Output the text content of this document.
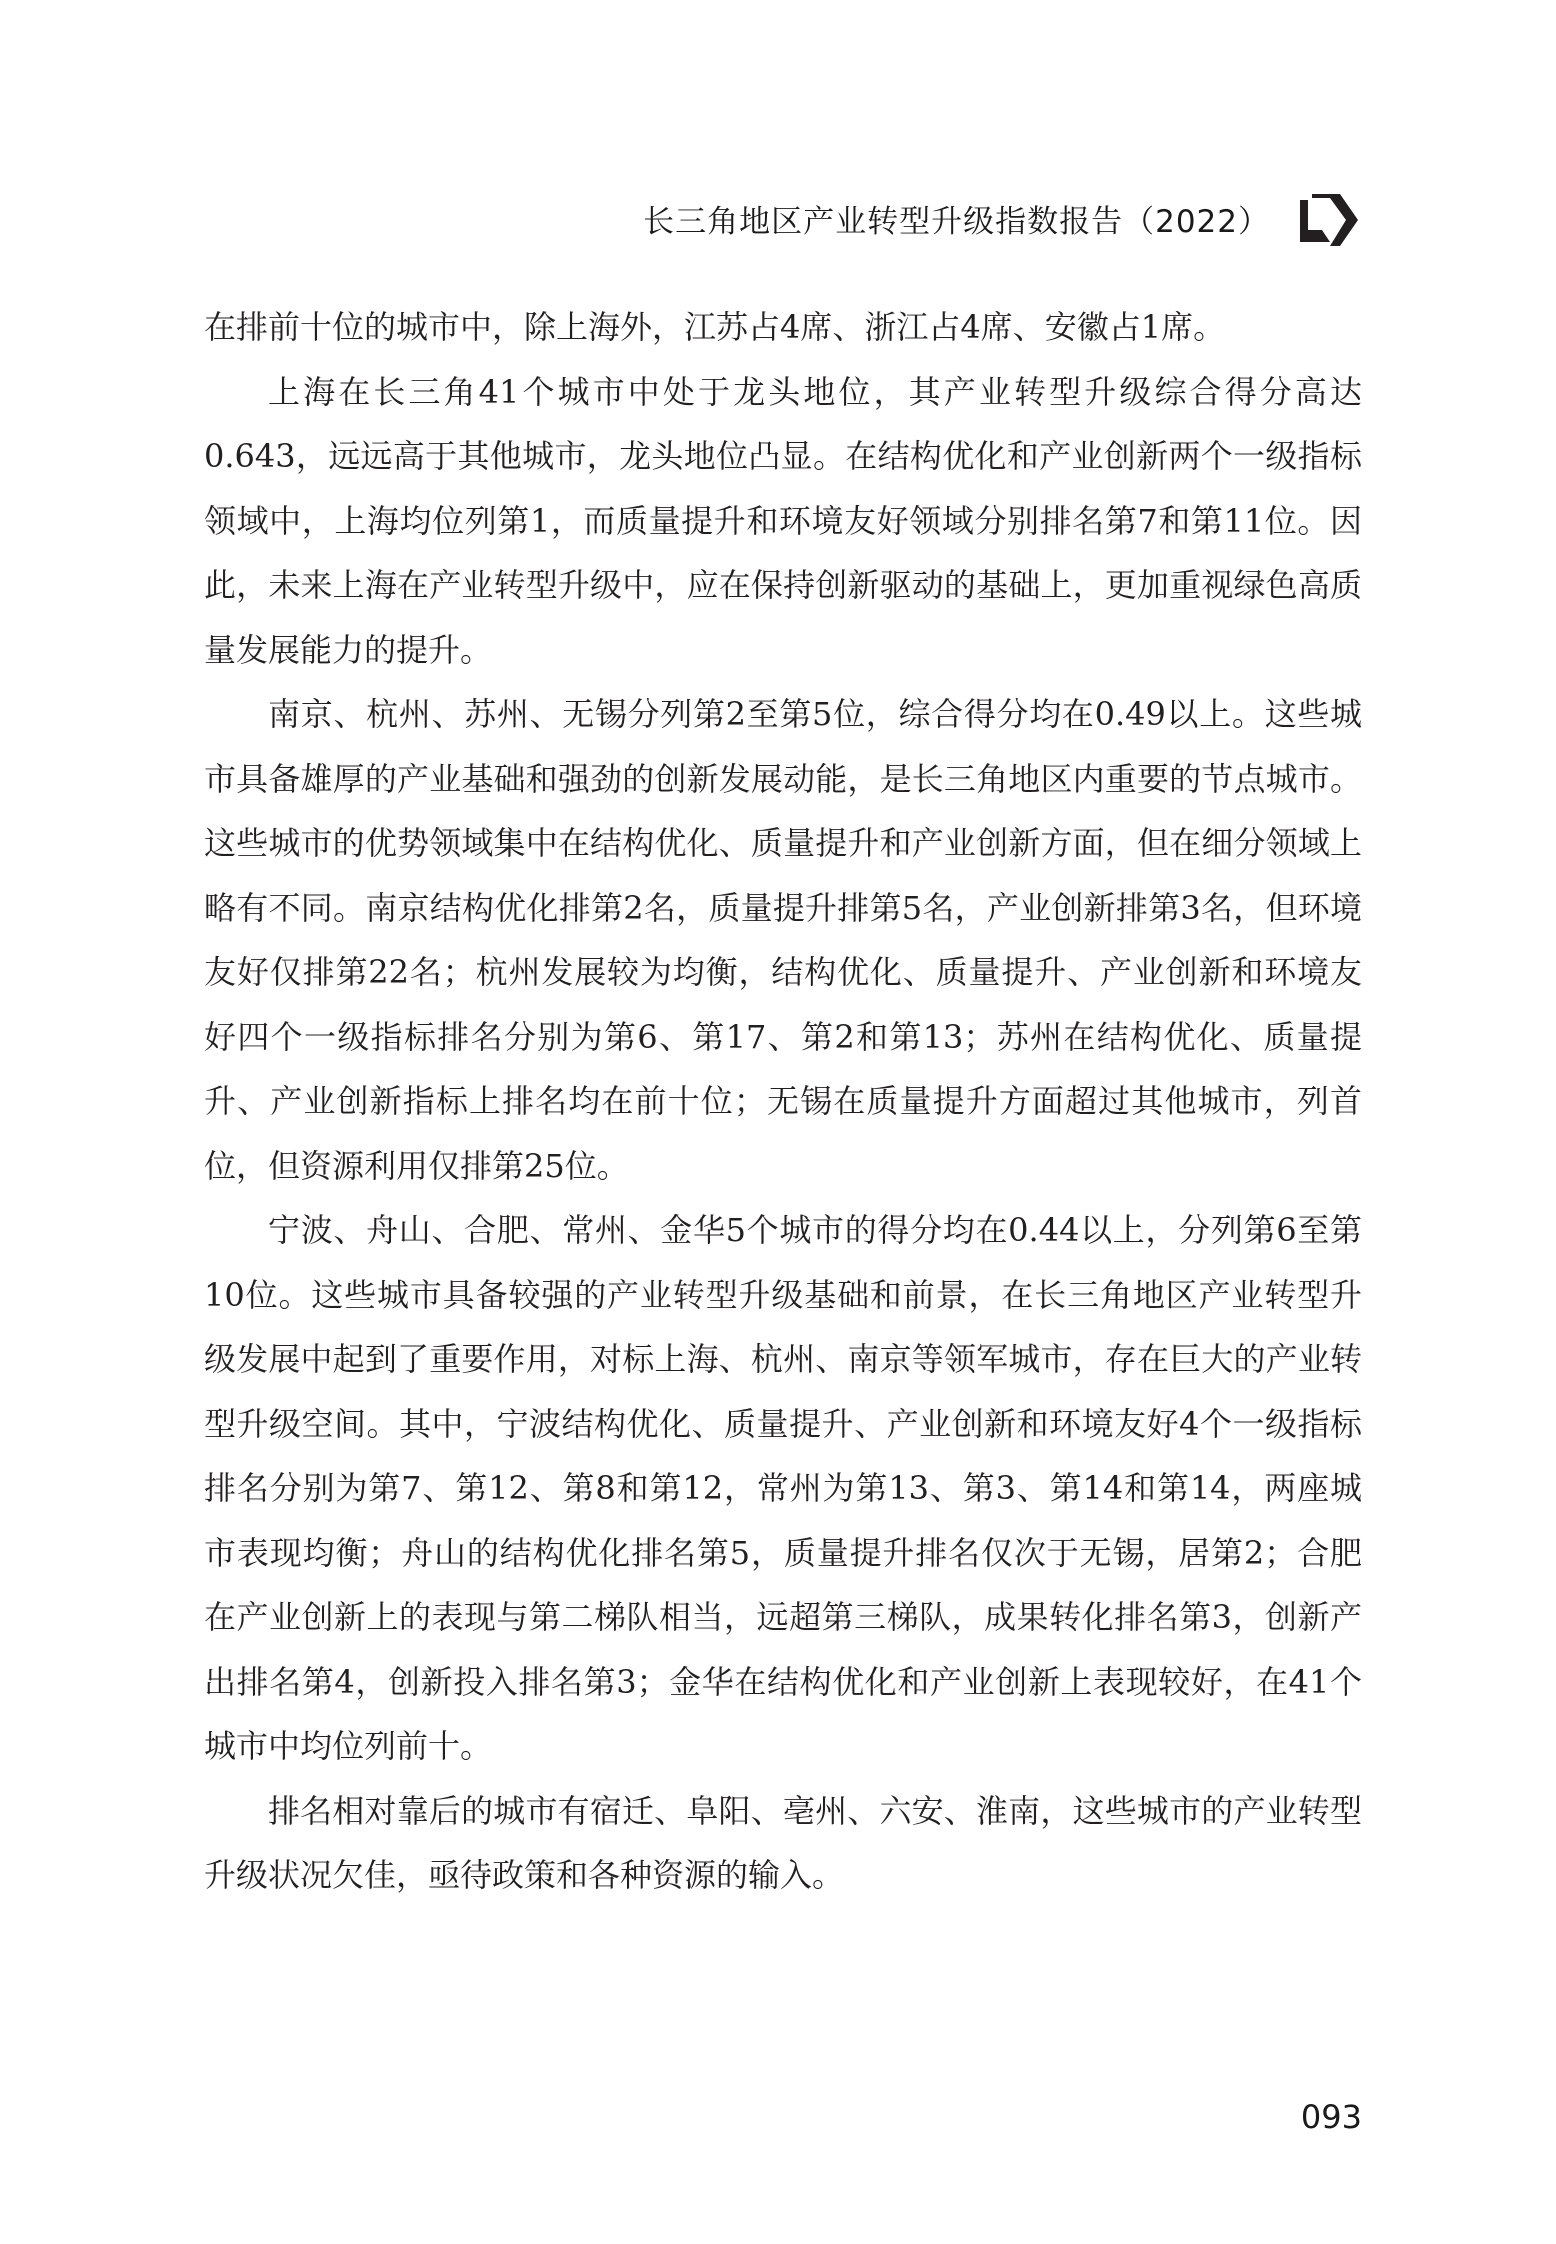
长三角地区产业转型升级指数报告（2022）

在排前十位的城市中，除上海外，江苏占4席、浙江占4席、安徽占1席。

上海在长三角41个城市中处于龙头地位，其产业转型升级综合得分高达0.643，远远高于其他城市，龙头地位凸显。在结构优化和产业创新两个一级指标领域中，上海均位列第1，而质量提升和环境友好领域分别排名第7和第11位。因此，未来上海在产业转型升级中，应在保持创新驱动的基础上，更加重视绿色高质量发展能力的提升。

南京、杭州、苏州、无锡分列第2至第5位，综合得分均在0.49以上。这些城市具备雄厚的产业基础和强劲的创新发展动能，是长三角地区内重要的节点城市。这些城市的优势领域集中在结构优化、质量提升和产业创新方面，但在细分领域上略有不同。南京结构优化排第2名，质量提升排第5名，产业创新排第3名，但环境友好仅排第22名；杭州发展较为均衡，结构优化、质量提升、产业创新和环境友好四个一级指标排名分别为第6、第17、第2和第13；苏州在结构优化、质量提升、产业创新指标上排名均在前十位；无锡在质量提升方面超过其他城市，列首位，但资源利用仅排第25位。

宁波、舟山、合肥、常州、金华5个城市的得分均在0.44以上，分列第6至第10位。这些城市具备较强的产业转型升级基础和前景，在长三角地区产业转型升级发展中起到了重要作用，对标上海、杭州、南京等领军城市，存在巨大的产业转型升级空间。其中，宁波结构优化、质量提升、产业创新和环境友好4个一级指标排名分别为第7、第12、第8和第12，常州为第13、第3、第14和第14，两座城市表现均衡；舟山的结构优化排名第5，质量提升排名仅次于无锡，居第2；合肥在产业创新上的表现与第二梯队相当，远超第三梯队，成果转化排名第3，创新产出排名第4，创新投入排名第3；金华在结构优化和产业创新上表现较好，在41个城市中均位列前十。

排名相对靠后的城市有宿迁、阜阳、亳州、六安、淮南，这些城市的产业转型升级状况欠佳，亟待政策和各种资源的输入。

093
